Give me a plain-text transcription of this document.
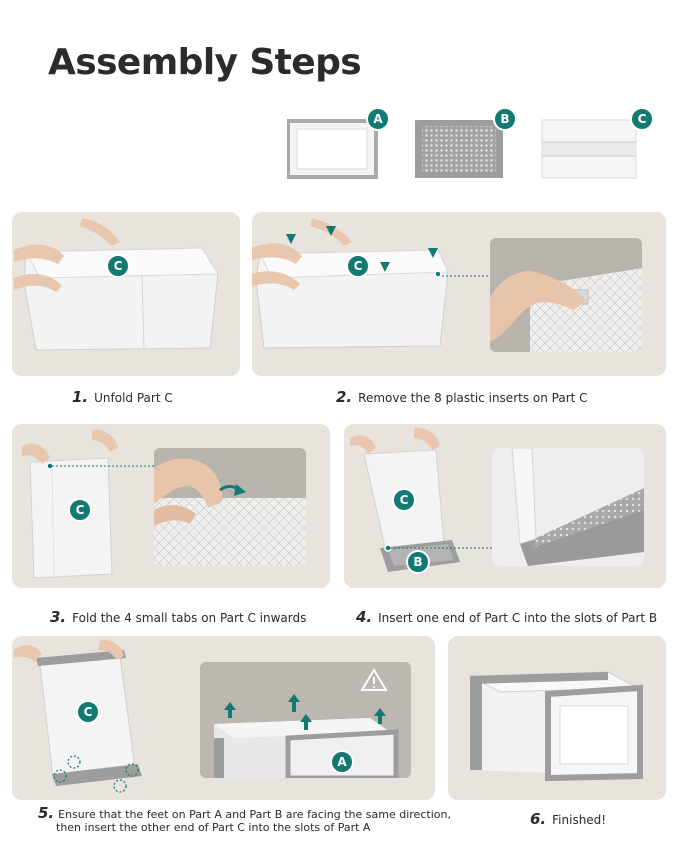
Assembly Steps
A	B	C
C
1. Unfold Part C
C
2. Remove the 8 plastic inserts on Part C
C
3. Fold the 4 small tabs on Part C inwards
C
B
4. Insert one end of Part C into the slots of Part B
C
A
5. Ensure that the feet on Part A and Part B are facing the same direction,
then insert the other end of Part C into the slots of Part A	6. Finished!
